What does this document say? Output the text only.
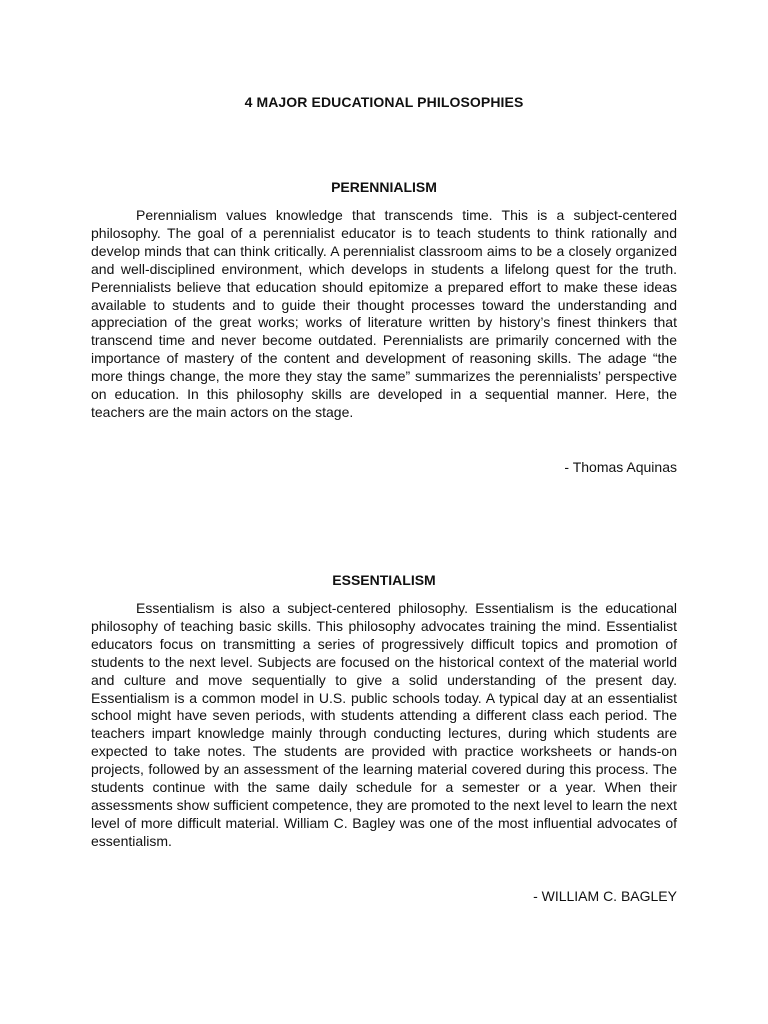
4 MAJOR EDUCATIONAL PHILOSOPHIES
PERENNIALISM

Perennialism values knowledge that transcends time. This is a subject-centered philosophy. The goal of a perennialist educator is to teach students to think rationally and develop minds that can think critically. A perennialist classroom aims to be a closely organized and well-disciplined environment, which develops in students a lifelong quest for the truth. Perennialists believe that education should epitomize a prepared effort to make these ideas available to students and to guide their thought processes toward the understanding and appreciation of the great works; works of literature written by history’s finest thinkers that transcend time and never become outdated. Perennialists are primarily concerned with the importance of mastery of the content and development of reasoning skills. The adage “the more things change, the more they stay the same” summarizes the perennialists’ perspective on education. In this philosophy skills are developed in a sequential manner. Here, the teachers are the main actors on the stage.

- Thomas Aquinas

ESSENTIALISM

Essentialism is also a subject-centered philosophy. Essentialism is the educational philosophy of teaching basic skills. This philosophy advocates training the mind. Essentialist educators focus on transmitting a series of progressively difficult topics and promotion of students to the next level. Subjects are focused on the historical context of the material world and culture and move sequentially to give a solid understanding of the present day. Essentialism is a common model in U.S. public schools today. A typical day at an essentialist school might have seven periods, with students attending a different class each period. The teachers impart knowledge mainly through conducting lectures, during which students are expected to take notes. The students are provided with practice worksheets or hands-on projects, followed by an assessment of the learning material covered during this process. The students continue with the same daily schedule for a semester or a year. When their assessments show sufficient competence, they are promoted to the next level to learn the next level of more difficult material. William C. Bagley was one of the most influential advocates of essentialism.

- WILLIAM C. BAGLEY
